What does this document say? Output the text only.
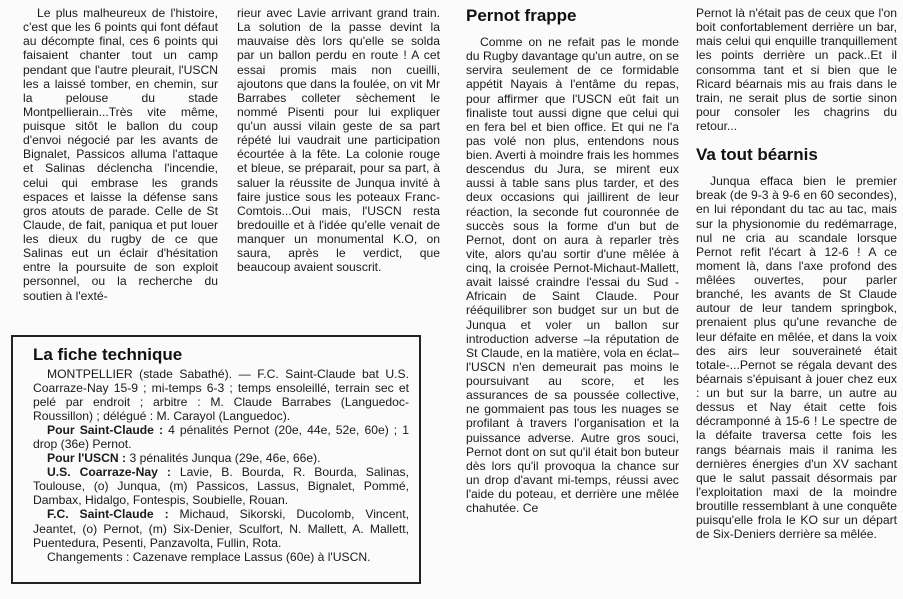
Le plus malheureux de l'histoire, c'est que les 6 points qui font défaut au décompte final, ces 6 points qui faisaient chanter tout un camp pendant que l'autre pleurait, l'USCN les a laissé tomber, en chemin, sur la pelouse du stade Montpellierain...Très vite même, puisque sitôt le ballon du coup d'envoi négocié par les avants de Bignalet, Passicos alluma l'attaque et Salinas déclencha l'incendie, celui qui embrase les grands espaces et laisse la défense sans gros atouts de parade. Celle de St Claude, de fait, paniqua et put louer les dieux du rugby de ce que Salinas eut un éclair d'hésitation entre la poursuite de son exploit personnel, ou la recherche du soutien à l'exté-

rieur avec Lavie arrivant grand train. La solution de la passe devint la mauvaise dès lors qu'elle se solda par un ballon perdu en route ! A cet essai promis mais non cueilli, ajoutons que dans la foulée, on vit Mr Barrabes colleter sèchement le nommé Pisenti pour lui expliquer qu'un aussi vilain geste de sa part répété lui vaudrait une participation écourtée à la fête. La colonie rouge et bleue, se préparait, pour sa part, à saluer la réussite de Junqua invité à faire justice sous les poteaux Franc- Comtois...Oui mais, l'USCN resta bredouille et à l'idée qu'elle venait de manquer un monumental K.O, on saura, après le verdict, que beaucoup avaient souscrit.

Pernot frappe

Comme on ne refait pas le monde du Rugby davantage qu'un autre, on se servira seulement de ce formidable appétit Nayais à l'entâme du repas, pour affirmer que l'USCN eût fait un finaliste tout aussi digne que celui qui en fera bel et bien office. Et qui ne l'a pas volé non plus, entendons nous bien. Averti à moindre frais les hommes descendus du Jura, se mirent eux aussi à table sans plus tarder, et des deux occasions qui jaillirent de leur réaction, la seconde fut couronnée de succès sous la forme d'un but de Pernot, dont on aura à reparler très vite, alors qu'au sortir d'une mêlée à cinq, la croisée Pernot-Michaut-Mallett, avait laissé craindre l'essai du Sud -Africain de Saint Claude. Pour rééquilibrer son budget sur un but de Junqua et voler un ballon sur introduction adverse –la réputation de St Claude, en la matière, vola en éclat– l'USCN n'en demeurait pas moins le poursuivant au score, et les assurances de sa poussée collective, ne gommaient pas tous les nuages se profilant à travers l'organisation et la puissance adverse. Autre gros souci, Pernot dont on sut qu'il était bon buteur dès lors qu'il provoqua la chance sur un drop d'avant mi-temps, réussi avec l'aide du poteau, et derrière une mêlée chahutée. Ce

Pernot là n'était pas de ceux que l'on boit confortablement derrière un bar, mais celui qui enquille tranquillement les points derrière un pack..Et il consomma tant et si bien que le Ricard béarnais mis au frais dans le train, ne serait plus de sortie sinon pour consoler les chagrins du retour...

Va tout béarnis

Junqua effaca bien le premier break (de 9-3 à 9-6 en 60 secondes), en lui répondant du tac au tac, mais sur la physionomie du redémarrage, nul ne cria au scandale lorsque Pernot refit l'écart à 12-6 ! A ce moment là, dans l'axe profond des mêlées ouvertes, pour parler branché, les avants de St Claude autour de leur tandem springbok, prenaient plus qu'une revanche de leur défaite en mêlée, et dans la voix des airs leur souveraineté était totale-...Pernot se régala devant des béarnais s'épuisant à jouer chez eux : un but sur la barre, un autre au dessus et Nay était cette fois décramponné à 15-6 ! Le spectre de la défaite traversa cette fois les rangs béarnais mais il ranima les dernières énergies d'un XV sachant que le salut passait désormais par l'exploitation maxi de la moindre broutille ressemblant à une conquête puisqu'elle frola le KO sur un départ de Six-Deniers derrière sa mêlée.

La fiche technique

MONTPELLIER (stade Sabathé). — F.C. Saint-Claude bat U.S. Coarraze-Nay 15-9 ; mi-temps 6-3 ; temps ensoleillé, terrain sec et pelé par endroit ; arbitre : M. Claude Barrabes (Languedoc-Roussillon) ; délégué : M. Carayol (Languedoc).

Pour Saint-Claude : 4 pénalités Pernot (20e, 44e, 52e, 60e) ; 1 drop (36e) Pernot.

Pour l'USCN : 3 pénalités Junqua (29e, 46e, 66e).

U.S. Coarraze-Nay : Lavie, B. Bourda, R. Bourda, Salinas, Toulouse, (o) Junqua, (m) Passicos, Lassus, Bignalet, Pommé, Dambax, Hidalgo, Fontespis, Soubielle, Rouan.

F.C. Saint-Claude : Michaud, Sikorski, Ducolomb, Vincent, Jeantet, (o) Pernot, (m) Six-Denier, Sculfort, N. Mallett, A. Mallett, Puentedura, Pesenti, Panzavolta, Fullin, Rota.

Changements : Cazenave remplace Lassus (60e) à l'USCN.
